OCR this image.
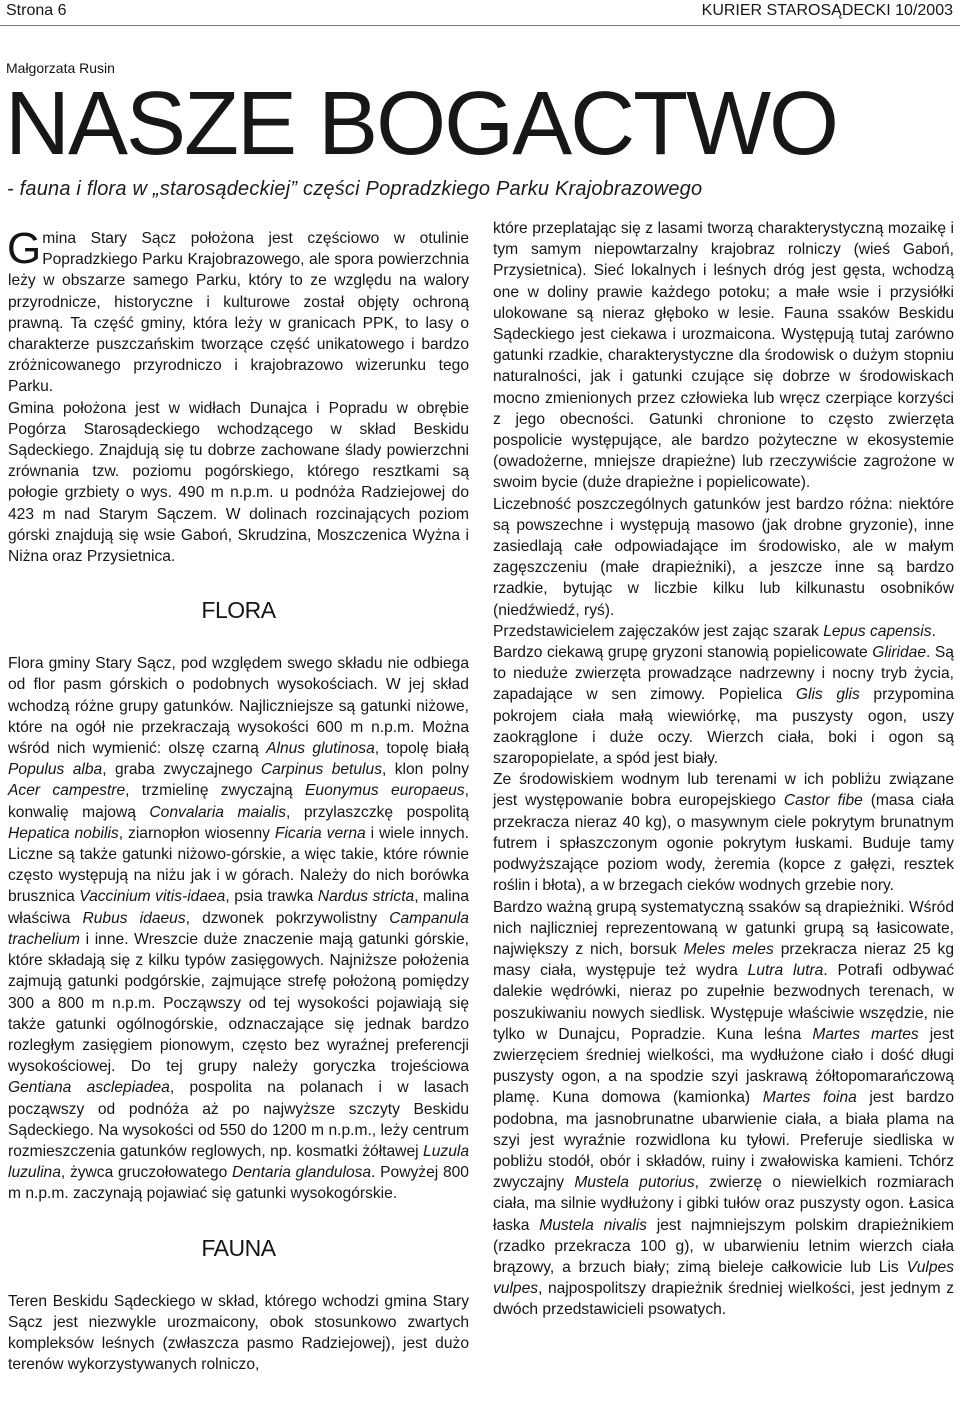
Strona 6	KURIER STAROSĄDECKI 10/2003
Małgorzata Rusin
NASZE BOGACTWO
- fauna i flora w „starosądeckiej” części Popradzkiego Parku Krajobrazowego

Gmina Stary Sącz położona jest częściowo w otulinie Popradzkiego Parku Krajobrazowego, ale spora powierzchnia leży w obszarze samego Parku, który to ze względu na walory przyrodnicze, historyczne i kulturowe został objęty ochroną prawną. Ta część gminy, która leży w granicach PPK, to lasy o charakterze puszczańskim tworzące część unikatowego i bardzo zróżnicowanego przyrodniczo i krajobrazowo wizerunku tego Parku.

Gmina położona jest w widłach Dunajca i Popradu w obrębie Pogórza Starosądeckiego wchodzącego w skład Beskidu Sądeckiego. Znajdują się tu dobrze zachowane ślady powierzchni zrównania tzw. poziomu pogórskiego, którego resztkami są połogie grzbiety o wys. 490 m n.p.m. u podnóża Radziejowej do 423 m nad Starym Sączem. W dolinach rozcinających poziom górski znajdują się wsie Gaboń, Skrudzina, Moszczenica Wyżna i Niżna oraz Przysietnica.

FLORA

Flora gminy Stary Sącz, pod względem swego składu nie odbiega od flor pasm górskich o podobnych wysokościach. W jej skład wchodzą różne grupy gatunków. Najliczniejsze są gatunki niżowe, które na ogół nie przekraczają wysokości 600 m n.p.m. Można wśród nich wymienić: olszę czarną Alnus glutinosa, topolę białą Populus alba, graba zwyczajnego Carpinus betulus, klon polny Acer campestre, trzmielinę zwyczajną Euonymus europaeus, konwalię majową Convalaria maialis, przylaszczkę pospolitą Hepatica nobilis, ziarnopłon wiosenny Ficaria verna i wiele innych. Liczne są także gatunki niżowo-górskie, a więc takie, które równie często występują na niżu jak i w górach. Należy do nich borówka brusznica Vaccinium vitis-idaea, psia trawka Nardus stricta, malina właściwa Rubus idaeus, dzwonek pokrzywolistny Campanula trachelium i inne. Wreszcie duże znaczenie mają gatunki górskie, które składają się z kilku typów zasięgowych. Najniższe położenia zajmują gatunki podgórskie, zajmujące strefę położoną pomiędzy 300 a 800 m n.p.m. Począwszy od tej wysokości pojawiają się także gatunki ogólnogórskie, odznaczające się jednak bardzo rozległym zasięgiem pionowym, często bez wyraźnej preferencji wysokościowej. Do tej grupy należy goryczka trojeściowa Gentiana asclepiadea, pospolita na polanach i w lasach począwszy od podnóża aż po najwyższe szczyty Beskidu Sądeckiego. Na wysokości od 550 do 1200 m n.p.m., leży centrum rozmieszczenia gatunków reglowych, np. kosmatki żółtawej Luzula luzulina, żywca gruczołowatego Dentaria glandulosa. Powyżej 800 m n.p.m. zaczynają pojawiać się gatunki wysokogórskie.

FAUNA

Teren Beskidu Sądeckiego w skład, którego wchodzi gmina Stary Sącz jest niezwykle urozmaicony, obok stosunkowo zwartych kompleksów leśnych (zwłaszcza pasmo Radziejowej), jest dużo terenów wykorzystywanych rolniczo,

które przeplatając się z lasami tworzą charakterystyczną mozaikę i tym samym niepowtarzalny krajobraz rolniczy (wieś Gaboń, Przysietnica). Sieć lokalnych i leśnych dróg jest gęsta, wchodzą one w doliny prawie każdego potoku; a małe wsie i przysiółki ulokowane są nieraz głęboko w lesie. Fauna ssaków Beskidu Sądeckiego jest ciekawa i urozmaicona. Występują tutaj zarówno gatunki rzadkie, charakterystyczne dla środowisk o dużym stopniu naturalności, jak i gatunki czujące się dobrze w środowiskach mocno zmienionych przez człowieka lub wręcz czerpiące korzyści z jego obecności. Gatunki chronione to często zwierzęta pospolicie występujące, ale bardzo pożyteczne w ekosystemie (owadożerne, mniejsze drapieżne) lub rzeczywiście zagrożone w swoim bycie (duże drapieżne i popielicowate).

Liczebność poszczególnych gatunków jest bardzo różna: niektóre są powszechne i występują masowo (jak drobne gryzonie), inne zasiedlają całe odpowiadające im środowisko, ale w małym zagęszczeniu (małe drapieżniki), a jeszcze inne są bardzo rzadkie, bytując w liczbie kilku lub kilkunastu osobników (niedźwiedź, ryś).

Przedstawicielem zajęczaków jest zając szarak Lepus capensis.

Bardzo ciekawą grupę gryzoni stanowią popielicowate Gliridae. Są to nieduże zwierzęta prowadzące nadrzewny i nocny tryb życia, zapadające w sen zimowy. Popielica Glis glis przypomina pokrojem ciała małą wiewiórkę, ma puszysty ogon, uszy zaokrąglone i duże oczy. Wierzch ciała, boki i ogon są szaropopielate, a spód jest biały.

Ze środowiskiem wodnym lub terenami w ich pobliżu związane jest występowanie bobra europejskiego Castor fibe (masa ciała przekracza nieraz 40 kg), o masywnym ciele pokrytym brunatnym futrem i spłaszczonym ogonie pokrytym łuskami. Buduje tamy podwyższające poziom wody, żeremia (kopce z gałęzi, resztek roślin i błota), a w brzegach cieków wodnych grzebie nory.

Bardzo ważną grupą systematyczną ssaków są drapieżniki. Wśród nich najliczniej reprezentowaną w gatunki grupą są łasicowate, największy z nich, borsuk Meles meles przekracza nieraz 25 kg masy ciała, występuje też wydra Lutra lutra. Potrafi odbywać dalekie wędrówki, nieraz po zupełnie bezwodnych terenach, w poszukiwaniu nowych siedlisk. Występuje właściwie wszędzie, nie tylko w Dunajcu, Popradzie. Kuna leśna Martes martes jest zwierzęciem średniej wielkości, ma wydłużone ciało i dość długi puszysty ogon, a na spodzie szyi jaskrawą żółtopomarańczową plamę. Kuna domowa (kamionka) Martes foina jest bardzo podobna, ma jasnobrunatne ubarwienie ciała, a biała plama na szyi jest wyraźnie rozwidlona ku tyłowi. Preferuje siedliska w pobliżu stodół, obór i składów, ruiny i zwałowiska kamieni. Tchórz zwyczajny Mustela putorius, zwierzę o niewielkich rozmiarach ciała, ma silnie wydłużony i gibki tułów oraz puszysty ogon. Łasica łaska Mustela nivalis jest najmniejszym polskim drapieżnikiem (rzadko przekracza 100 g), w ubarwieniu letnim wierzch ciała brązowy, a brzuch biały; zimą bieleje całkowicie lub Lis Vulpes vulpes, najpospolitszy drapieżnik średniej wielkości, jest jednym z dwóch przedstawicieli psowatych.
